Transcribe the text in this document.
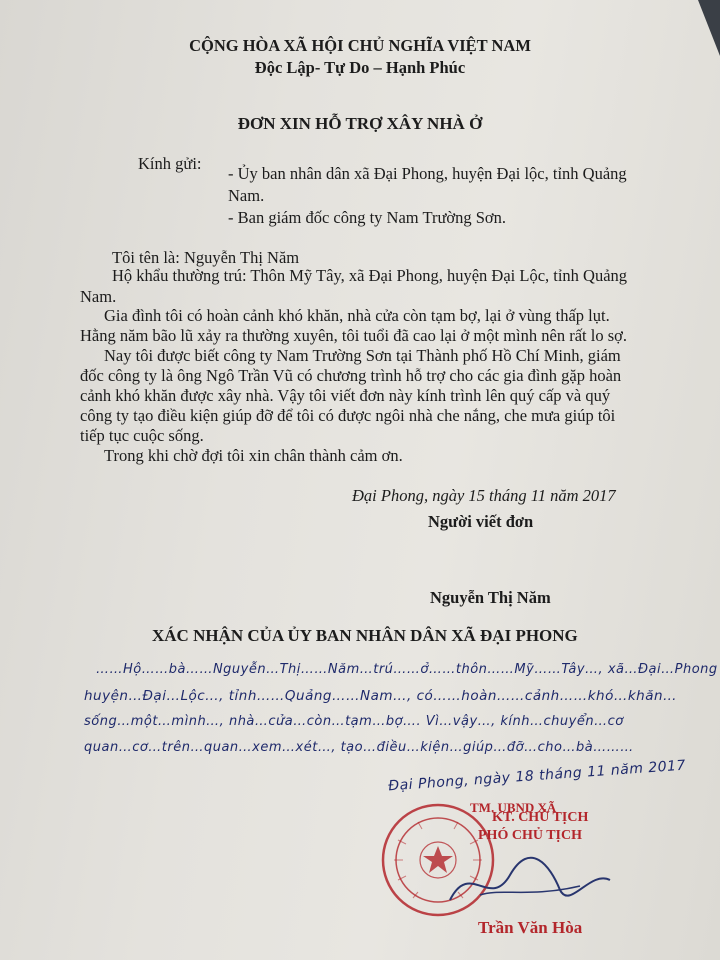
CỘNG HÒA XÃ HỘI CHỦ NGHĨA VIỆT NAM
Độc Lập- Tự Do – Hạnh Phúc
ĐƠN XIN HỖ TRỢ XÂY NHÀ Ở
Kính gửi:
- Ủy ban nhân dân xã Đại Phong, huyện Đại lộc, tỉnh Quảng
Nam.
- Ban giám đốc công ty Nam Trường Sơn.
Tôi tên là: Nguyễn Thị Năm
Hộ khẩu thường trú: Thôn Mỹ Tây, xã Đại Phong, huyện Đại Lộc, tỉnh Quảng
Nam.
Gia đình tôi có hoàn cảnh khó khăn, nhà cửa còn tạm bợ, lại ở vùng thấp lụt.
Hằng năm bão lũ xảy ra thường xuyên, tôi tuổi đã cao lại ở một mình nên rất lo sợ.
Nay tôi được biết công ty Nam Trường Sơn tại Thành phố Hồ Chí Minh, giám
đốc công ty là ông Ngô Trần Vũ có chương trình hỗ trợ cho các gia đình gặp hoàn
cảnh khó khăn được xây nhà. Vậy tôi viết đơn này kính trình lên quý cấp và quý
công ty tạo điều kiện giúp đỡ để tôi có được ngôi nhà che nắng, che mưa giúp tôi
tiếp tục cuộc sống.
Trong khi chờ đợi tôi xin chân thành cảm ơn.
Đại Phong, ngày 15 tháng 11 năm 2017
Người viết đơn
Nguyễn Thị Năm
XÁC NHẬN CỦA ỦY BAN NHÂN DÂN XÃ ĐẠI PHONG
……Hộ……bà……Nguyễn…Thị……Năm…trú……ở……thôn……Mỹ……Tây…, xã…Đại…Phong
huyện…Đại…Lộc…, tỉnh……Quảng……Nam…, có……hoàn……cảnh……khó…khăn…
sống…một…mình…, nhà…cửa…còn…tạm…bợ…. Vì…vậy…, kính…chuyển…cơ
quan…cơ…trên…quan…xem…xét…, tạo…điều…kiện…giúp…đỡ…cho…bà………
Đại Phong, ngày 18 tháng 11 năm 2017
TM. UBND XÃ
KT. CHỦ TỊCH
PHÓ CHỦ TỊCH
Trần Văn Hòa
